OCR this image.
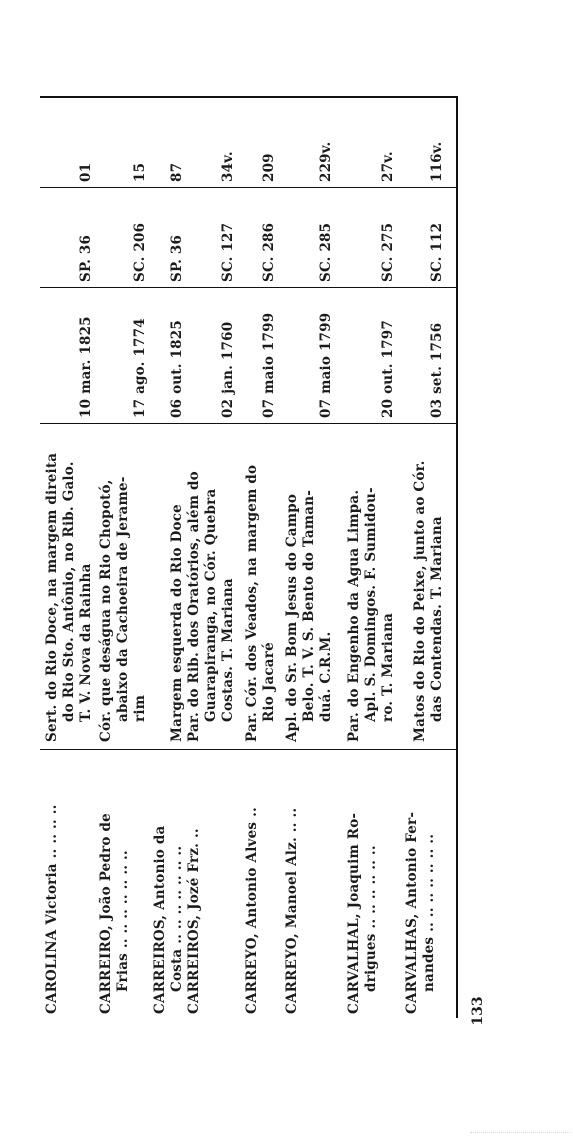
CAROLINA Victoria .. .. .. ..
Sert. do Rio Doce, na margem direita do Rio Sto. Antônio, no Rib. Galo. T. V. Nova da Rainha
10 mar. 1825
SP. 36
01
CARREIRO, João Pedro de Frias .. .. .. .. .. .. ..
Cór. que deságua no Rio Chopotó, abaixo da Cachoeira de Jerame- rim
17 ago. 1774
SC. 206
15
CARREIROS, Antonio da Costa .. .. .. .. .. .. ..
Margem esquerda do Rio Doce
06 out. 1825
SP. 36
87
CARREIROS, Jozé Frz. ..
Par. do Rib. dos Oratórios, além do Guarapiranga, no Cór. Quebra Costas. T. Mariana
02 jan. 1760
SC. 127
34v.
CARREYO, Antonio Alves ..
Par. Cór. dos Veados, na margem do Rio Jacaré
07 maio 1799
SC. 286
209
CARREYO, Manoel Alz. .. ..
Apl. do Sr. Bom Jesus do Campo Belo. T. V. S. Bento do Taman- duá. C.R.M.
07 maio 1799
SC. 285
229v.
CARVALHAL, Joaquim Ro- drigues .. .. .. .. .. ..
Par. do Engenho da Agua Limpa. Apl. S. Domingos. F. Sumidou- ro. T. Mariana
20 out. 1797
SC. 275
27v.
CARVALHAS, Antonio Fer- nandes .. .. .. .. .. .. ..
Matos do Rio do Peixe, junto ao Cór. das Contendas. T. Mariana
03 set. 1756
SC. 112
116v.
133
